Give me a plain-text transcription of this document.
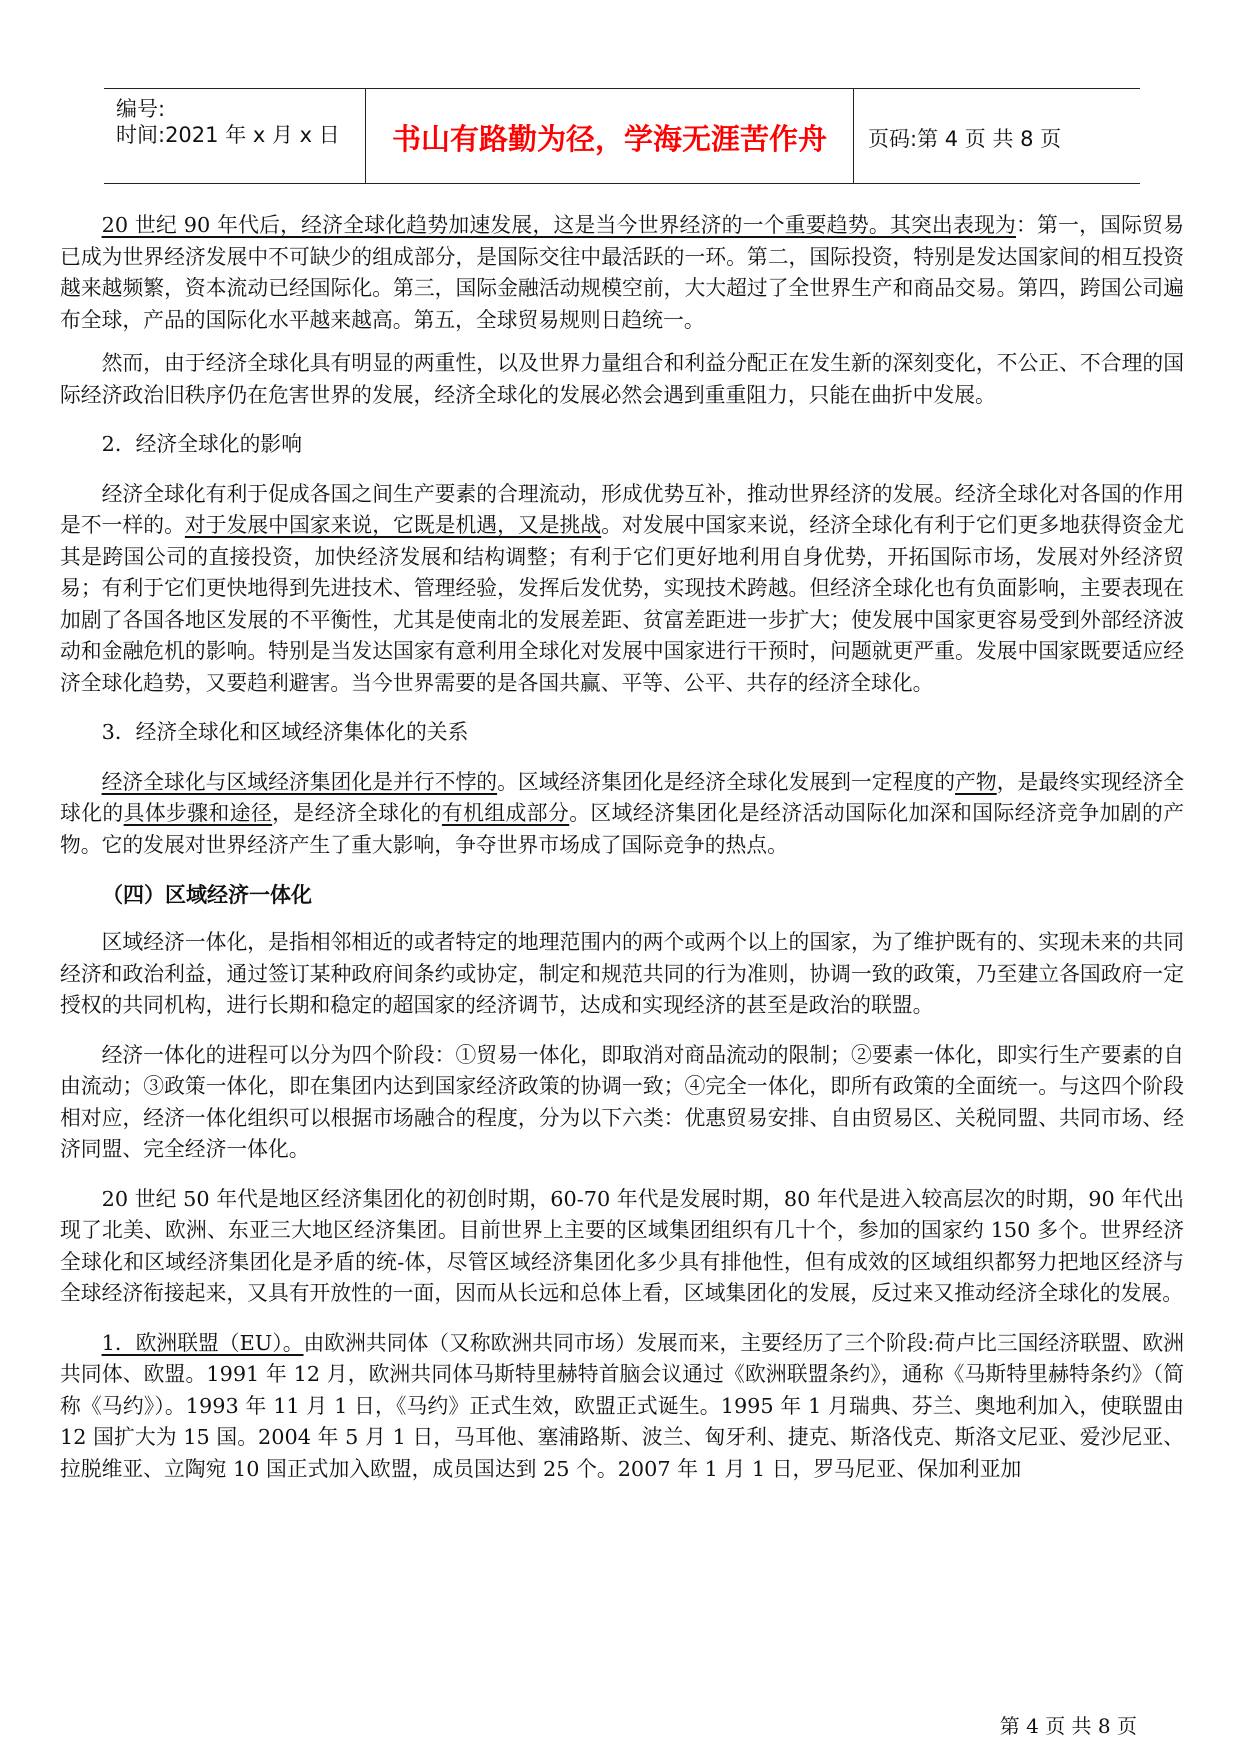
编号:
时间:2021 年 x 月 x 日	书山有路勤为径，学海无涯苦作舟	页码:第 4 页 共 8 页

20 世纪 90 年代后，经济全球化趋势加速发展，这是当今世界经济的一个重要趋势。其突出表现为：第一，国际贸易已成为世界经济发展中不可缺少的组成部分，是国际交往中最活跃的一环。第二，国际投资，特别是发达国家间的相互投资越来越频繁，资本流动已经国际化。第三，国际金融活动规模空前，大大超过了全世界生产和商品交易。第四，跨国公司遍布全球，产品的国际化水平越来越高。第五，全球贸易规则日趋统一。

然而，由于经济全球化具有明显的两重性，以及世界力量组合和利益分配正在发生新的深刻变化，不公正、不合理的国际经济政治旧秩序仍在危害世界的发展，经济全球化的发展必然会遇到重重阻力，只能在曲折中发展。

2．经济全球化的影响

经济全球化有利于促成各国之间生产要素的合理流动，形成优势互补，推动世界经济的发展。经济全球化对各国的作用是不一样的。对于发展中国家来说，它既是机遇，又是挑战。对发展中国家来说，经济全球化有利于它们更多地获得资金尤其是跨国公司的直接投资，加快经济发展和结构调整；有利于它们更好地利用自身优势，开拓国际市场，发展对外经济贸易；有利于它们更快地得到先进技术、管理经验，发挥后发优势，实现技术跨越。但经济全球化也有负面影响，主要表现在加剧了各国各地区发展的不平衡性，尤其是使南北的发展差距、贫富差距进一步扩大；使发展中国家更容易受到外部经济波动和金融危机的影响。特别是当发达国家有意利用全球化对发展中国家进行干预时，问题就更严重。发展中国家既要适应经济全球化趋势，又要趋利避害。当今世界需要的是各国共赢、平等、公平、共存的经济全球化。

3．经济全球化和区域经济集体化的关系

经济全球化与区域经济集团化是并行不悖的。区域经济集团化是经济全球化发展到一定程度的产物，是最终实现经济全球化的具体步骤和途径，是经济全球化的有机组成部分。区域经济集团化是经济活动国际化加深和国际经济竞争加剧的产物。它的发展对世界经济产生了重大影响，争夺世界市场成了国际竞争的热点。

（四）区域经济一体化

区域经济一体化，是指相邻相近的或者特定的地理范围内的两个或两个以上的国家，为了维护既有的、实现未来的共同经济和政治利益，通过签订某种政府间条约或协定，制定和规范共同的行为准则，协调一致的政策，乃至建立各国政府一定授权的共同机构，进行长期和稳定的超国家的经济调节，达成和实现经济的甚至是政治的联盟。

经济一体化的进程可以分为四个阶段：①贸易一体化，即取消对商品流动的限制；②要素一体化，即实行生产要素的自由流动；③政策一体化，即在集团内达到国家经济政策的协调一致；④完全一体化，即所有政策的全面统一。与这四个阶段相对应，经济一体化组织可以根据市场融合的程度，分为以下六类：优惠贸易安排、自由贸易区、关税同盟、共同市场、经济同盟、完全经济一体化。

20 世纪 50 年代是地区经济集团化的初创时期，60-70 年代是发展时期，80 年代是进入较高层次的时期，90 年代出现了北美、欧洲、东亚三大地区经济集团。目前世界上主要的区域集团组织有几十个，参加的国家约 150 多个。世界经济全球化和区域经济集团化是矛盾的统-体，尽管区域经济集团化多少具有排他性，但有成效的区域组织都努力把地区经济与全球经济衔接起来，又具有开放性的一面，因而从长远和总体上看，区域集团化的发展，反过来又推动经济全球化的发展。

1．欧洲联盟（EU）。由欧洲共同体（又称欧洲共同市场）发展而来，主要经历了三个阶段:荷卢比三国经济联盟、欧洲共同体、欧盟。1991 年 12 月，欧洲共同体马斯特里赫特首脑会议通过《欧洲联盟条约》，通称《马斯特里赫特条约》（简称《马约》）。1993 年 11 月 1 日，《马约》正式生效，欧盟正式诞生。1995 年 1 月瑞典、芬兰、奥地利加入，使联盟由 12 国扩大为 15 国。2004 年 5 月 1 日，马耳他、塞浦路斯、波兰、匈牙利、捷克、斯洛伐克、斯洛文尼亚、爱沙尼亚、拉脱维亚、立陶宛 10 国正式加入欧盟，成员国达到 25 个。2007 年 1 月 1 日，罗马尼亚、保加利亚加

第 4 页 共 8 页
